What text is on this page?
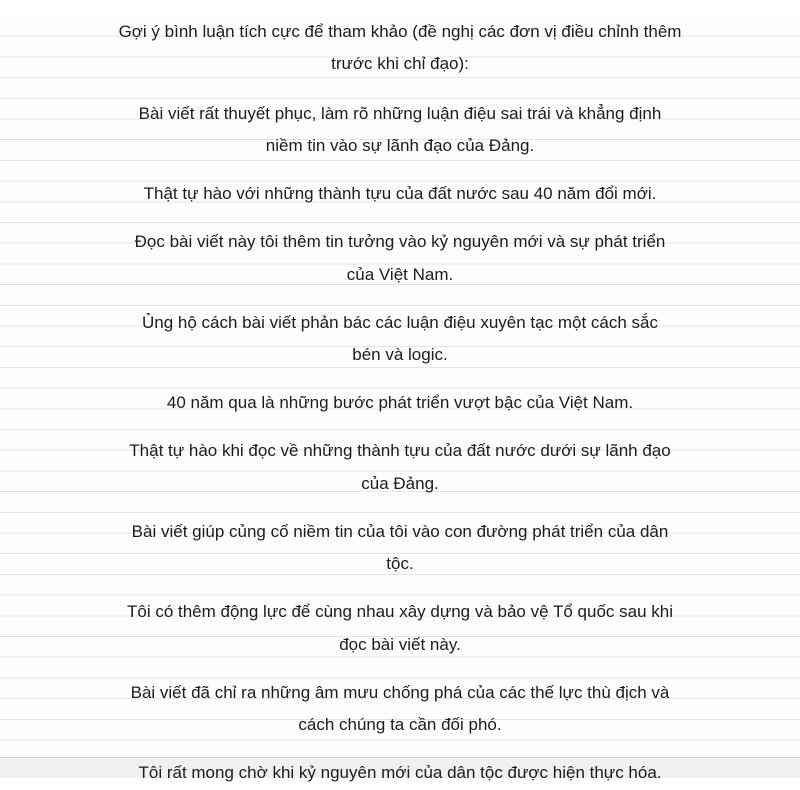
Gợi ý bình luận tích cực để tham khảo (đề nghị các đơn vị điều chỉnh thêm
trước khi chỉ đạo):

Bài viết rất thuyết phục, làm rõ những luận điệu sai trái và khẳng định
niềm tin vào sự lãnh đạo của Đảng.

Thật tự hào với những thành tựu của đất nước sau 40 năm đổi mới.

Đọc bài viết này tôi thêm tin tưởng vào kỷ nguyên mới và sự phát triển
của Việt Nam.

Ủng hộ cách bài viết phản bác các luận điệu xuyên tạc một cách sắc
bén và logic.

40 năm qua là những bước phát triển vượt bậc của Việt Nam.

Thật tự hào khi đọc về những thành tựu của đất nước dưới sự lãnh đạo
của Đảng.

Bài viết giúp củng cố niềm tin của tôi vào con đường phát triển của dân
tộc.

Tôi có thêm động lực để cùng nhau xây dựng và bảo vệ Tổ quốc sau khi
đọc bài viết này.

Bài viết đã chỉ ra những âm mưu chống phá của các thế lực thù địch và
cách chúng ta cần đối phó.

Tôi rất mong chờ khi kỷ nguyên mới của dân tộc được hiện thực hóa.
